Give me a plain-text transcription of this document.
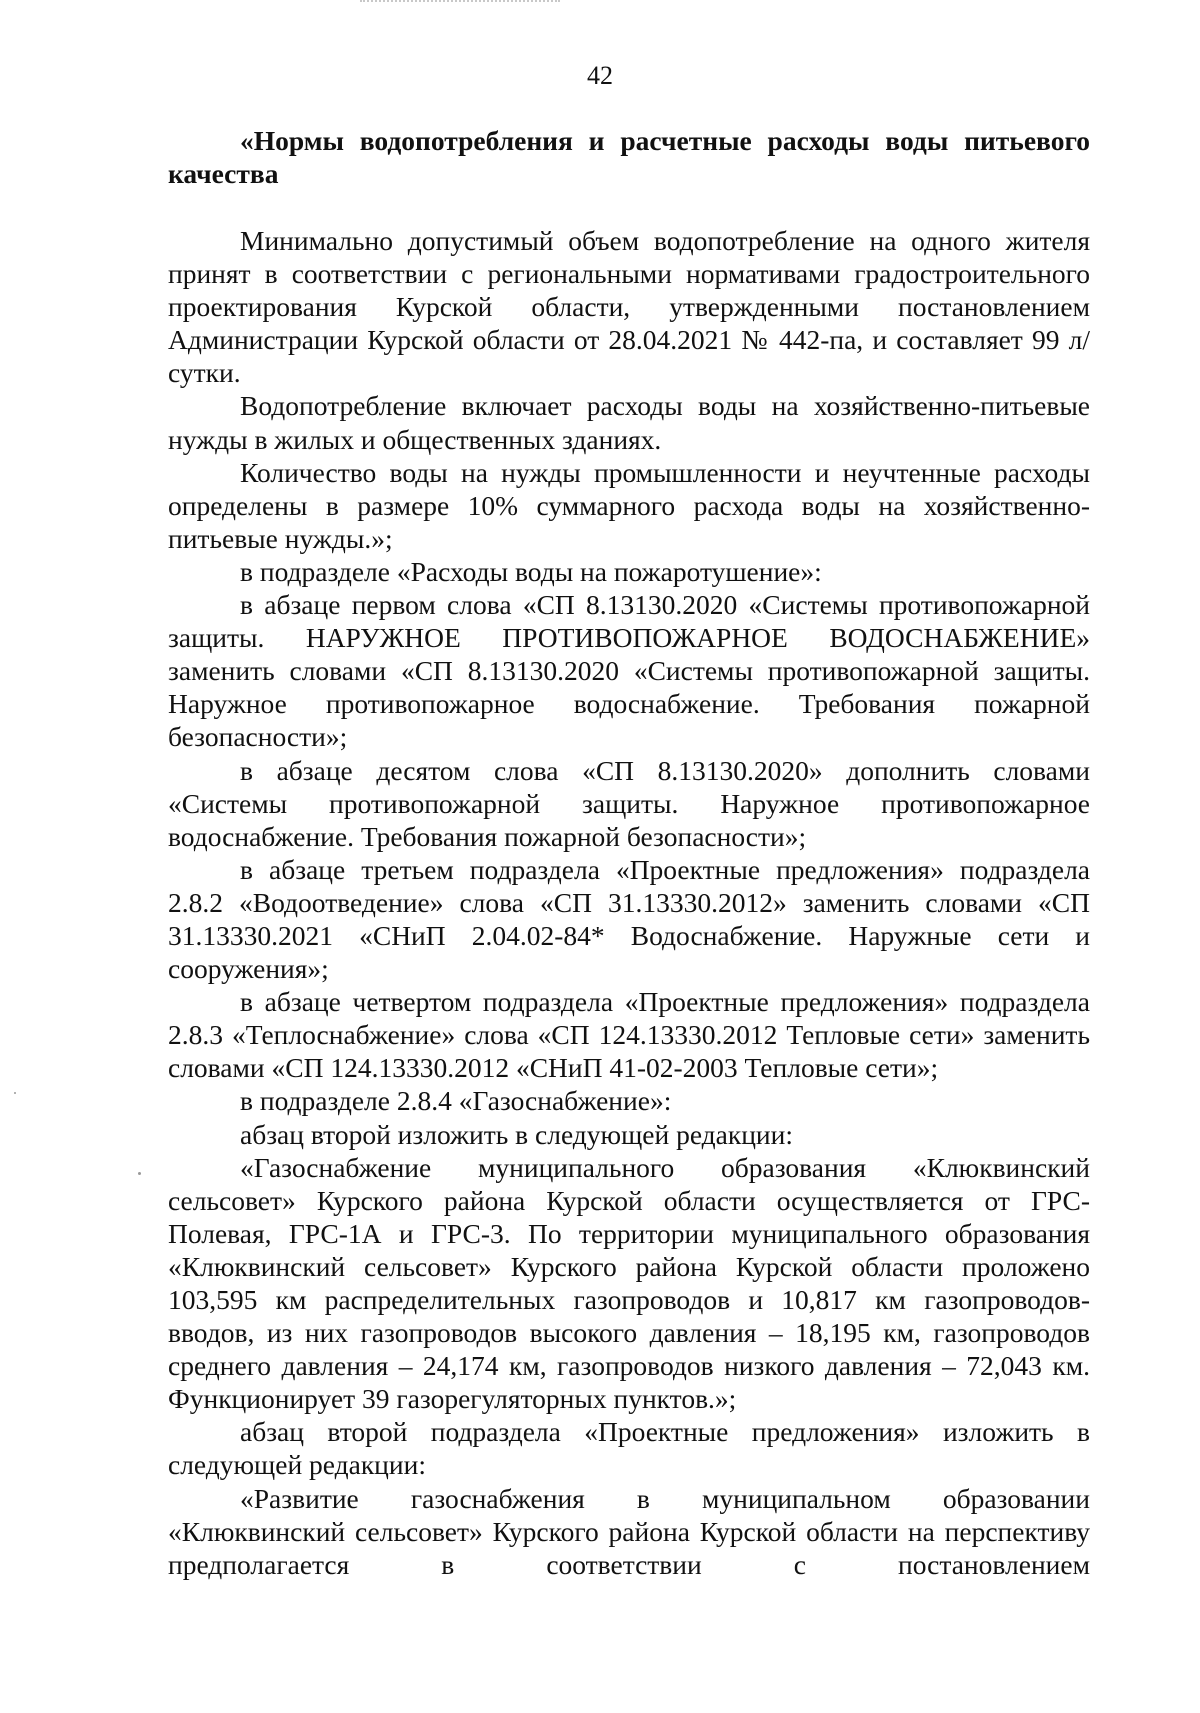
42

«Нормы водопотребления и расчетные расходы воды питьевого качества

Минимально допустимый объем водопотребление на одного жителя принят в соответствии с региональными нормативами градостроительного проектирования Курской области, утвержденными постановлением Администрации Курской области от 28.04.2021 № 442-па, и составляет 99 л/сутки.

Водопотребление включает расходы воды на хозяйственно-питьевые нужды в жилых и общественных зданиях.

Количество воды на нужды промышленности и неучтенные расходы определены в размере 10% суммарного расхода воды на хозяйственно-питьевые нужды.»;

в подразделе «Расходы воды на пожаротушение»:

в абзаце первом слова «СП 8.13130.2020 «Системы противопожарной защиты. НАРУЖНОЕ ПРОТИВОПОЖАРНОЕ ВОДОСНАБЖЕНИЕ» заменить словами «СП 8.13130.2020 «Системы противопожарной защиты. Наружное противопожарное водоснабжение. Требования пожарной безопасности»;

в абзаце десятом слова «СП 8.13130.2020» дополнить словами «Системы противопожарной защиты. Наружное противопожарное водоснабжение. Требования пожарной безопасности»;

в абзаце третьем подраздела «Проектные предложения» подраздела 2.8.2 «Водоотведение» слова «СП 31.13330.2012» заменить словами «СП 31.13330.2021 «СНиП 2.04.02-84* Водоснабжение. Наружные сети и сооружения»;

в абзаце четвертом подраздела «Проектные предложения» подраздела 2.8.3 «Теплоснабжение» слова «СП 124.13330.2012 Тепловые сети» заменить словами «СП 124.13330.2012 «СНиП 41-02-2003 Тепловые сети»;

в подразделе 2.8.4 «Газоснабжение»:

абзац второй изложить в следующей редакции:

«Газоснабжение муниципального образования «Клюквинский сельсовет» Курского района Курской области осуществляется от ГРС-Полевая, ГРС-1А и ГРС-3. По территории муниципального образования «Клюквинский сельсовет» Курского района Курской области проложено 103,595 км распределительных газопроводов и 10,817 км газопроводов-вводов, из них газопроводов высокого давления – 18,195 км, газопроводов среднего давления – 24,174 км, газопроводов низкого давления – 72,043 км. Функционирует 39 газорегуляторных пунктов.»;

абзац второй подраздела «Проектные предложения» изложить в следующей редакции:

«Развитие газоснабжения в муниципальном образовании «Клюквинский сельсовет» Курского района Курской области на перспективу предполагается в соответствии с постановлением
